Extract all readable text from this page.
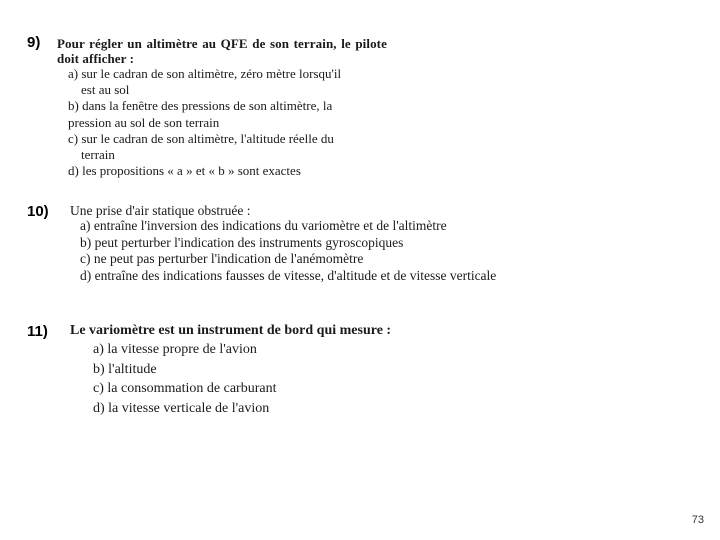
9) Pour régler un altimètre au QFE de son terrain, le pilote doit afficher :
a) sur le cadran de son altimètre, zéro mètre lorsqu'il
est au sol
b) dans la fenêtre des pressions de son altimètre, la
pression au sol de son terrain
c) sur le cadran de son altimètre, l'altitude réelle du
terrain
d) les propositions « a » et « b » sont exactes
10) Une prise d'air statique obstruée :
a) entraîne l'inversion des indications du variomètre et de l'altimètre
b) peut perturber l'indication des instruments gyroscopiques
c) ne peut pas perturber l'indication de l'anémomètre
d) entraîne des indications fausses de vitesse, d'altitude et de vitesse verticale
11) Le variomètre est un instrument de bord qui mesure :
a) la vitesse propre de l'avion
b) l'altitude
c) la consommation de carburant
d) la vitesse verticale de l'avion
73
